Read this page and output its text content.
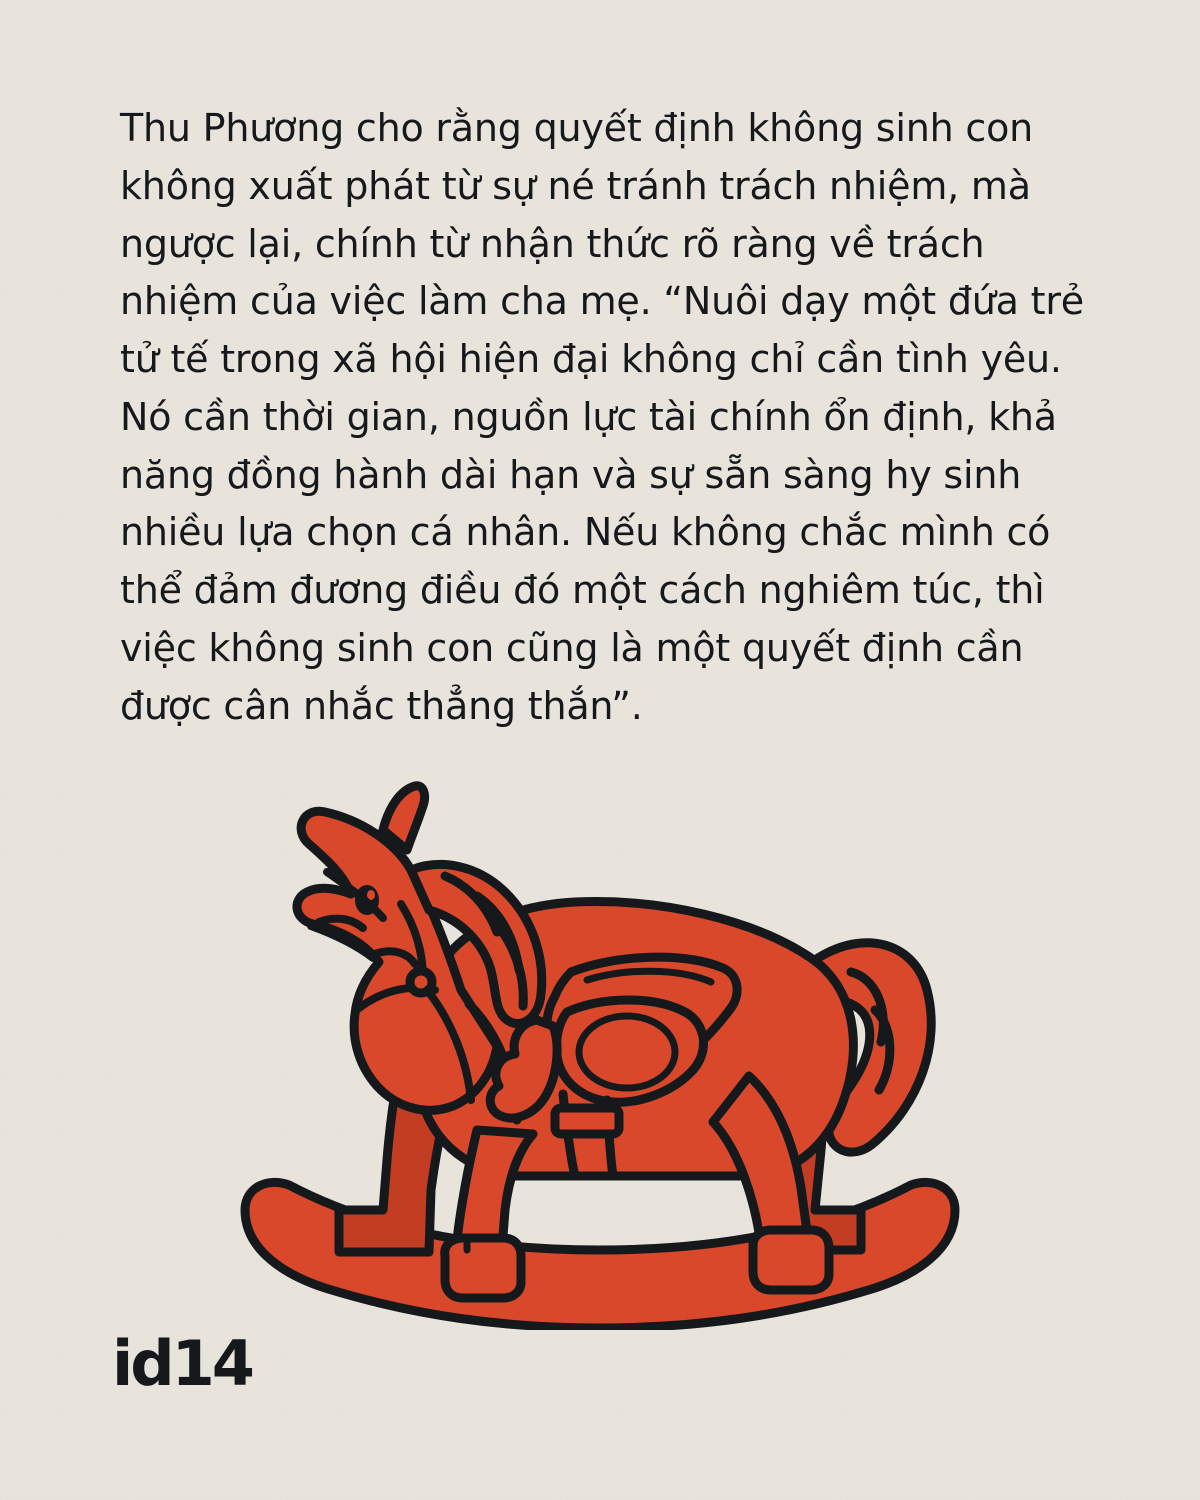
Thu Phương cho rằng quyết định không sinh con không xuất phát từ sự né tránh trách nhiệm, mà ngược lại, chính từ nhận thức rõ ràng về trách nhiệm của việc làm cha mẹ. “Nuôi dạy một đứa trẻ tử tế trong xã hội hiện đại không chỉ cần tình yêu. Nó cần thời gian, nguồn lực tài chính ổn định, khả năng đồng hành dài hạn và sự sẵn sàng hy sinh nhiều lựa chọn cá nhân. Nếu không chắc mình có thể đảm đương điều đó một cách nghiêm túc, thì việc không sinh con cũng là một quyết định cần được cân nhắc thẳng thắn”.
id14
